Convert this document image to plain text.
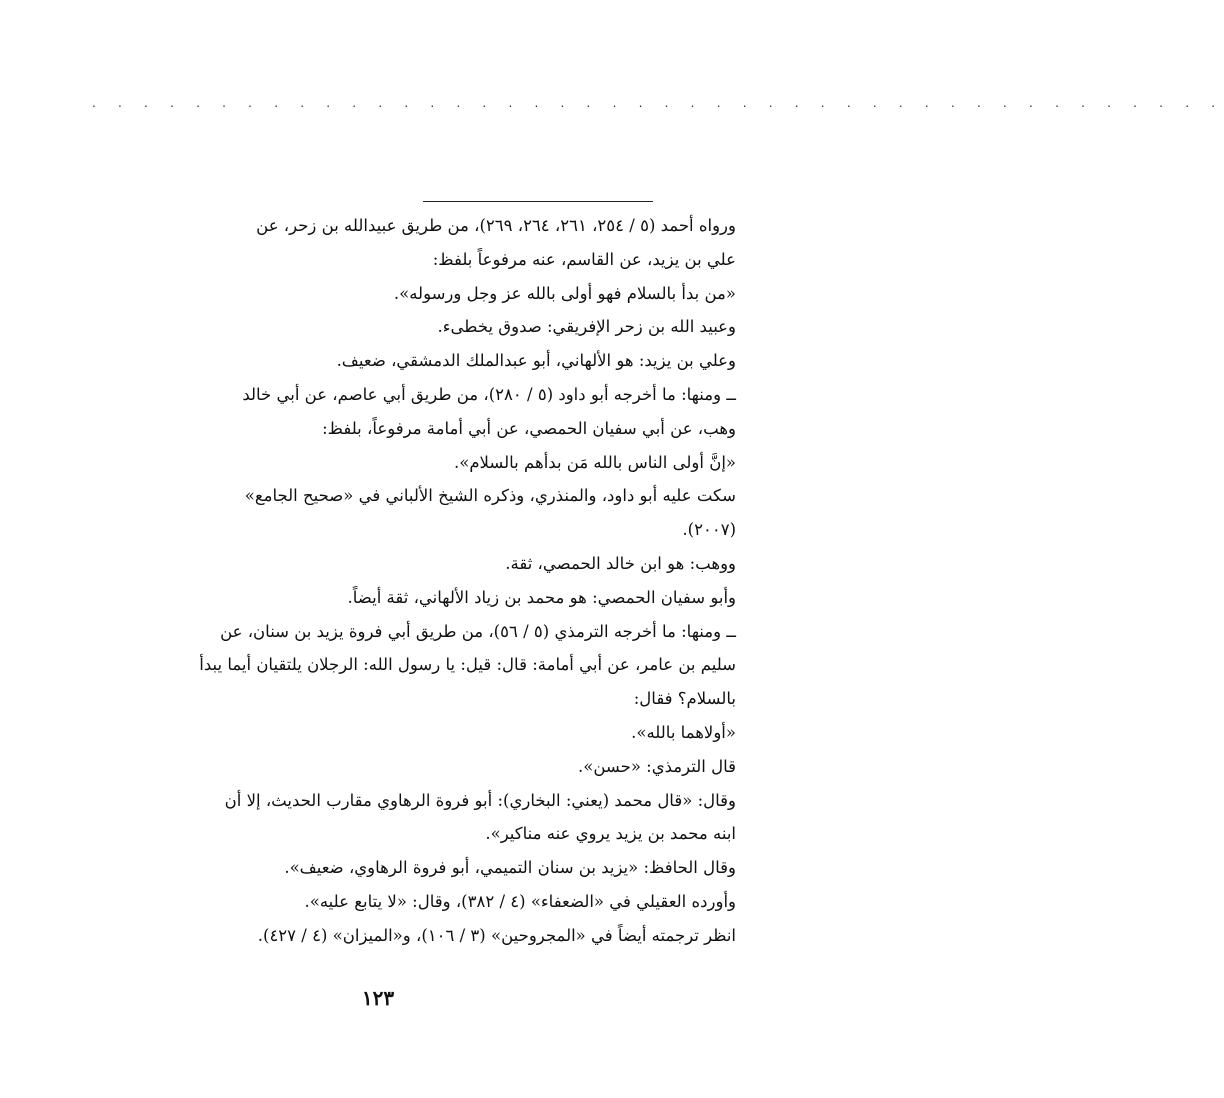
. . . . . . . . . . . . . . . . . . . . . . . . . . . . . . . . . . . . . . . . . . . .
ورواه أحمد (٥ / ٢٥٤، ٢٦١، ٢٦٤، ٢٦٩)، من طريق عبيدالله بن زحر، عن
علي بن يزيد، عن القاسم، عنه مرفوعاً بلفظ:
«من بدأ بالسلام فهو أولى بالله عز وجل ورسوله».
وعبيد الله بن زحر الإفريقي: صدوق يخطىء.
وعلي بن يزيد: هو الألهاني، أبو عبدالملك الدمشقي، ضعيف.
ــ ومنها: ما أخرجه أبو داود (٥ / ٢٨٠)، من طريق أبي عاصم، عن أبي خالد
وهب، عن أبي سفيان الحمصي، عن أبي أمامة مرفوعاً، بلفظ:
«إنَّ أولى الناس بالله مَن بدأهم بالسلام».
سكت عليه أبو داود، والمنذري، وذكره الشيخ الألباني في «صحيح الجامع»
(٢٠٠٧).
ووهب: هو ابن خالد الحمصي، ثقة.
وأبو سفيان الحمصي: هو محمد بن زياد الألهاني، ثقة أيضاً.
ــ ومنها: ما أخرجه الترمذي (٥ / ٥٦)، من طريق أبي فروة يزيد بن سنان، عن
سليم بن عامر، عن أبي أمامة: قال: قيل: يا رسول الله: الرجلان يلتقيان أيما يبدأ
بالسلام؟ فقال:
«أولاهما بالله».
قال الترمذي: «حسن».
وقال: «قال محمد (يعني: البخاري): أبو فروة الرهاوي مقارب الحديث، إلا أن
ابنه محمد بن يزيد يروي عنه مناكير».
وقال الحافظ: «يزيد بن سنان التميمي، أبو فروة الرهاوي، ضعيف».
وأورده العقيلي في «الضعفاء» (٤ / ٣٨٢)، وقال: «لا يتابع عليه».
انظر ترجمته أيضاً في «المجروحين» (٣ / ١٠٦)، و«الميزان» (٤ / ٤٢٧).
١٢٣
